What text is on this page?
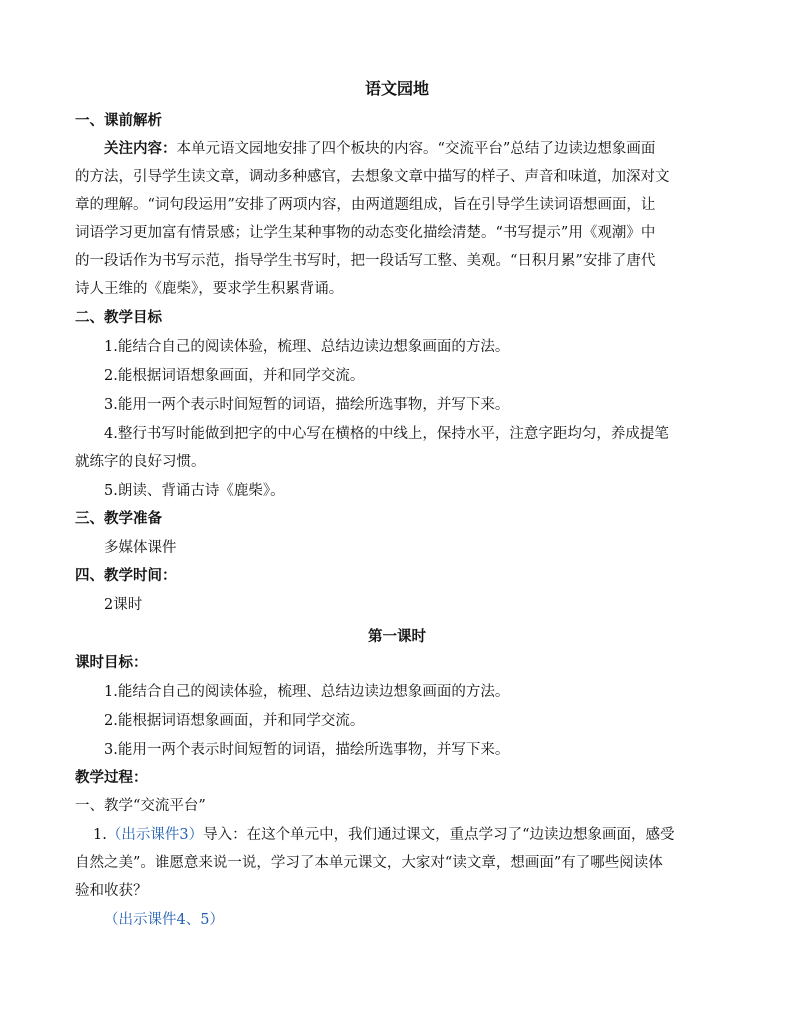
语文园地
一、课前解析
关注内容：本单元语文园地安排了四个板块的内容。“交流平台”总结了边读边想象画面
的方法，引导学生读文章，调动多种感官，去想象文章中描写的样子、声音和味道，加深对文
章的理解。“词句段运用”安排了两项内容，由两道题组成，旨在引导学生读词语想画面，让
词语学习更加富有情景感；让学生某种事物的动态变化描绘清楚。“书写提示”用《观潮》中
的一段话作为书写示范，指导学生书写时，把一段话写工整、美观。“日积月累”安排了唐代
诗人王维的《鹿柴》，要求学生积累背诵。
二、教学目标
1.能结合自己的阅读体验，梳理、总结边读边想象画面的方法。
2.能根据词语想象画面，并和同学交流。
3.能用一两个表示时间短暂的词语，描绘所选事物，并写下来。
4.整行书写时能做到把字的中心写在横格的中线上，保持水平，注意字距均匀，养成提笔
就练字的良好习惯。
5.朗读、背诵古诗《鹿柴》。
三、教学准备
多媒体课件
四、教学时间：
2课时
第一课时
课时目标：
1.能结合自己的阅读体验，梳理、总结边读边想象画面的方法。
2.能根据词语想象画面，并和同学交流。
3.能用一两个表示时间短暂的词语，描绘所选事物，并写下来。
教学过程：
一、教学“交流平台”
1.（出示课件3）导入：在这个单元中，我们通过课文，重点学习了“边读边想象画面，感受
自然之美”。谁愿意来说一说，学习了本单元课文，大家对“读文章，想画面”有了哪些阅读体
验和收获？
（出示课件4、5）
